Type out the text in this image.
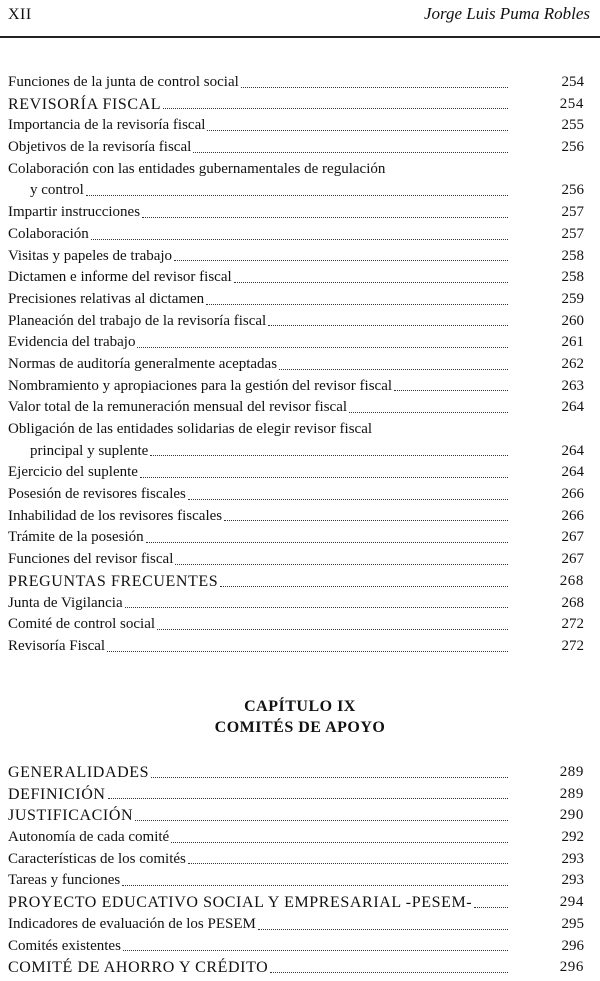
XII	Jorge Luis Puma Robles
Funciones de la junta de control social	254
REVISORÍA FISCAL	254
Importancia de la revisoría fiscal	255
Objetivos de la revisoría fiscal	256
Colaboración con las entidades gubernamentales de regulación
y control	256
Impartir instrucciones	257
Colaboración	257
Visitas y papeles de trabajo	258
Dictamen e informe del revisor fiscal	258
Precisiones relativas al dictamen	259
Planeación del trabajo de la revisoría fiscal	260
Evidencia del trabajo	261
Normas de auditoría generalmente aceptadas	262
Nombramiento y apropiaciones para la gestión del revisor fiscal	263
Valor total de la remuneración mensual del revisor fiscal	264
Obligación de las entidades solidarias de elegir revisor fiscal
principal y suplente	264
Ejercicio del suplente	264
Posesión de revisores fiscales	266
Inhabilidad de los revisores fiscales	266
Trámite de la posesión	267
Funciones del revisor fiscal	267
PREGUNTAS FRECUENTES	268
Junta de Vigilancia	268
Comité de control social	272
Revisoría Fiscal	272
CAPÍTULO IX
COMITÉS DE APOYO
GENERALIDADES	289
DEFINICIÓN	289
JUSTIFICACIÓN	290
Autonomía de cada comité	292
Características de los comités	293
Tareas y funciones	293
PROYECTO EDUCATIVO SOCIAL Y EMPRESARIAL -PESEM-	294
Indicadores de evaluación de los PESEM	295
Comités existentes	296
COMITÉ DE AHORRO Y CRÉDITO	296
